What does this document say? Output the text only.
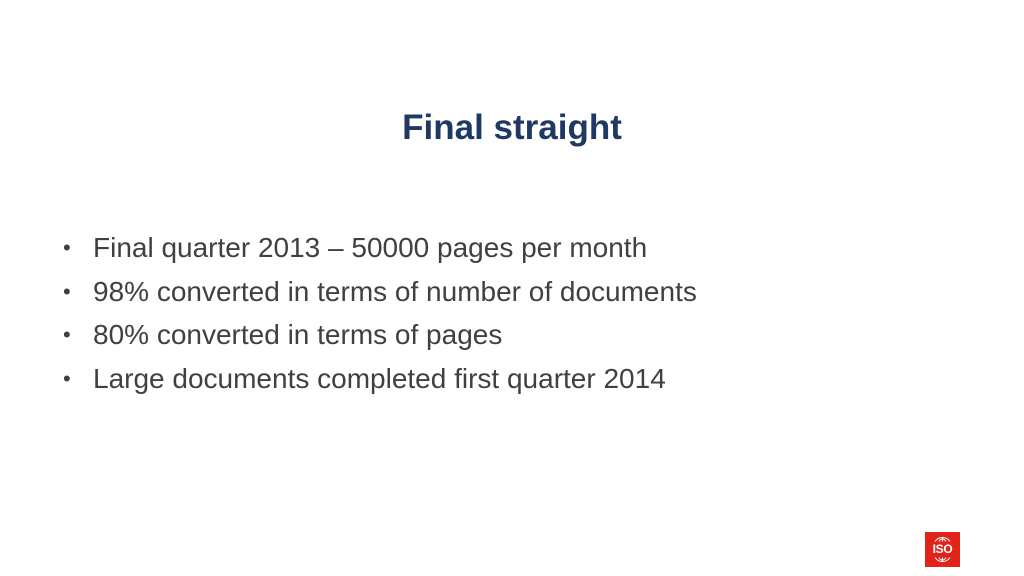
Final straight
• Final quarter 2013 – 50000 pages per month
• 98% converted in terms of number of documents
• 80% converted in terms of pages
• Large documents completed first quarter 2014
ISO
